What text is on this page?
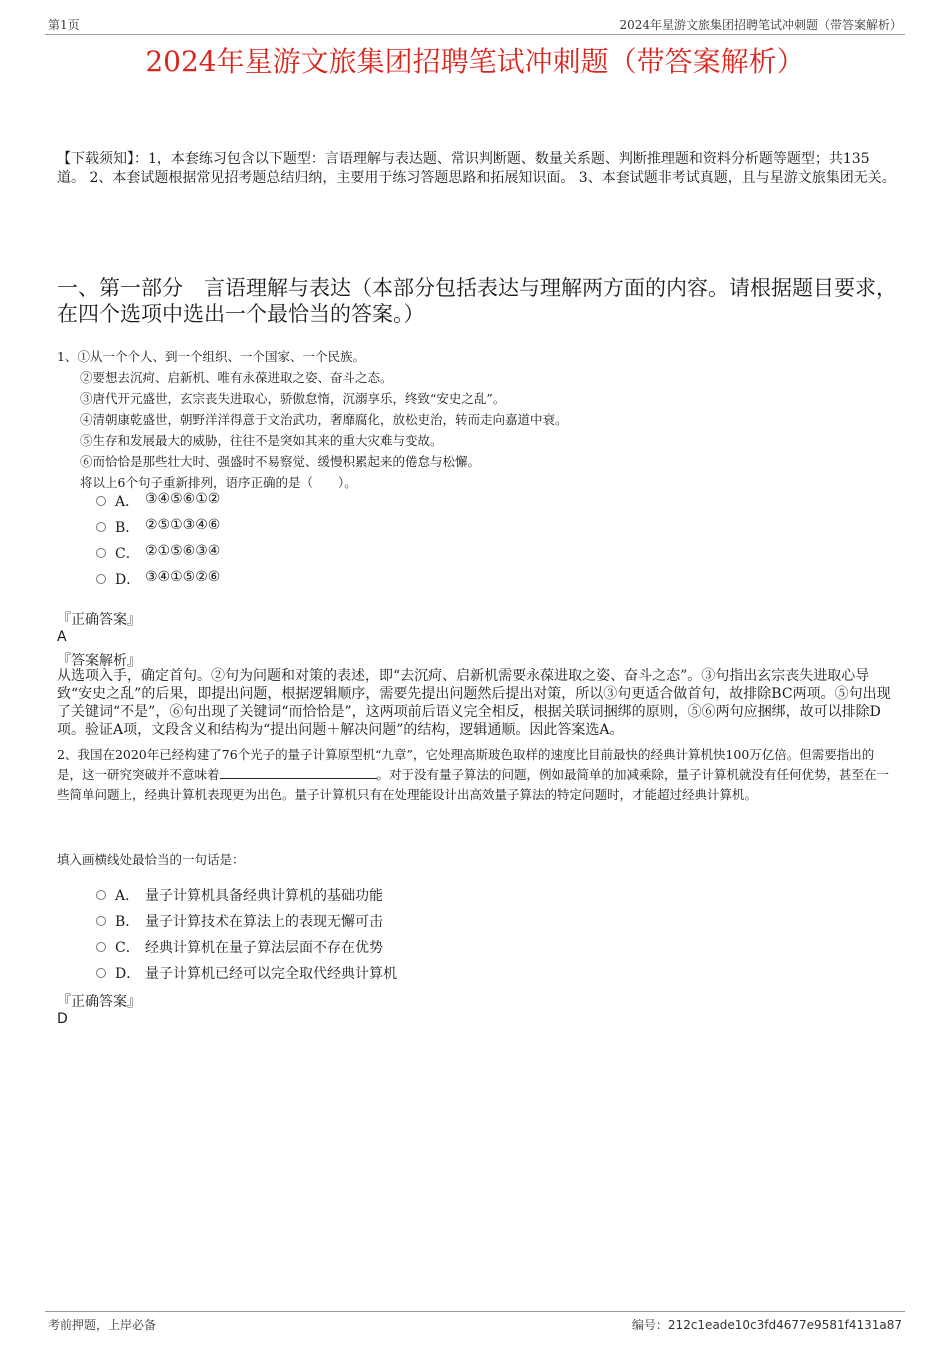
第1页	2024年星游文旅集团招聘笔试冲刺题（带答案解析）
2024年星游文旅集团招聘笔试冲刺题（带答案解析）
【下载须知】：1，本套练习包含以下题型：言语理解与表达题、常识判断题、数量关系题、判断推理题和资料分析题等题型；共135道。 2、本套试题根据常见招考题总结归纳，主要用于练习答题思路和拓展知识面。 3、本套试题非考试真题，且与星游文旅集团无关。
一、第一部分　言语理解与表达（本部分包括表达与理解两方面的内容。请根据题目要求，在四个选项中选出一个最恰当的答案。）
1、①从一个个人、到一个组织、一个国家、一个民族。
②要想去沉疴、启新机、唯有永葆进取之姿、奋斗之态。
③唐代开元盛世，玄宗丧失进取心，骄傲怠惰，沉溺享乐，终致“安史之乱”。
④清朝康乾盛世，朝野洋洋得意于文治武功，奢靡腐化，放松吏治，转而走向嘉道中衰。
⑤生存和发展最大的威胁，往往不是突如其来的重大灾难与变故。
⑥而恰恰是那些壮大时、强盛时不易察觉、缓慢积累起来的倦怠与松懈。
将以上6个句子重新排列，语序正确的是（　　）。
A． ③④⑤⑥①②
B． ②⑤①③④⑥
C． ②①⑤⑥③④
D． ③④①⑤②⑥
『正确答案』
A
『答案解析』
从选项入手，确定首句。②句为问题和对策的表述，即“去沉疴、启新机需要永葆进取之姿、奋斗之态”。③句指出玄宗丧失进取心导致“安史之乱”的后果，即提出问题，根据逻辑顺序，需要先提出问题然后提出对策，所以③句更适合做首句，故排除BC两项。⑤句出现了关键词“不是”，⑥句出现了关键词“而恰恰是”，这两项前后语义完全相反，根据关联词捆绑的原则，⑤⑥两句应捆绑，故可以排除D项。验证A项，文段含义和结构为“提出问题＋解决问题”的结构，逻辑通顺。因此答案选A。
2、我国在2020年已经构建了76个光子的量子计算原型机“九章”，它处理高斯玻色取样的速度比目前最快的经典计算机快100万亿倍。但需要指出的是，这一研究突破并不意味着	。对于没有量子算法的问题，例如最简单的加减乘除，量子计算机就没有任何优势，甚至在一些简单问题上，经典计算机表现更为出色。量子计算机只有在处理能设计出高效量子算法的特定问题时，才能超过经典计算机。
填入画横线处最恰当的一句话是：
A． 量子计算机具备经典计算机的基础功能
B． 量子计算技术在算法上的表现无懈可击
C． 经典计算机在量子算法层面不存在优势
D． 量子计算机已经可以完全取代经典计算机
『正确答案』
D
考前押题，上岸必备	编号：212c1eade10c3fd4677e9581f4131a87
